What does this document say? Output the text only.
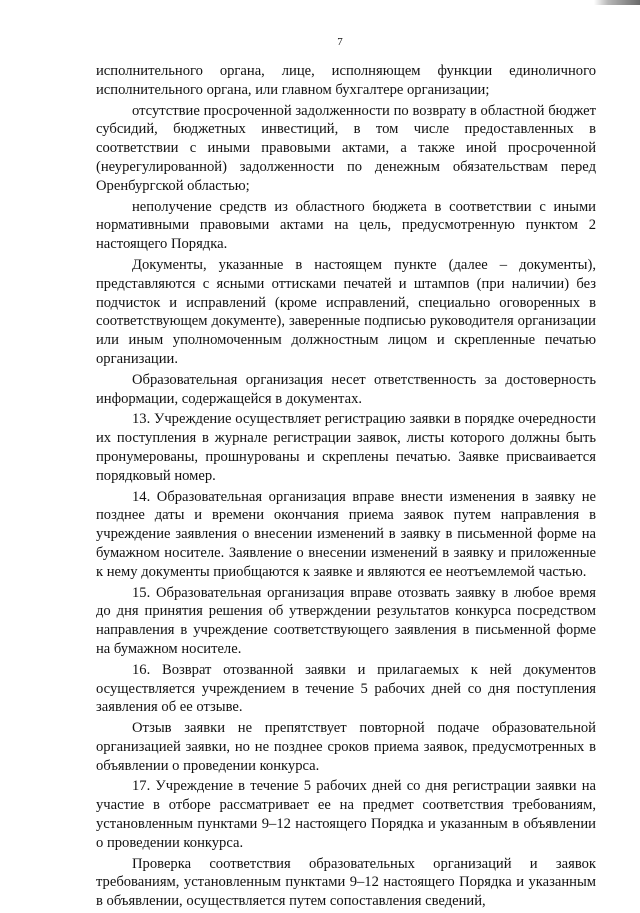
7

исполнительного органа, лице, исполняющем функции единоличного исполнительного органа, или главном бухгалтере организации;

отсутствие просроченной задолженности по возврату в областной бюджет субсидий, бюджетных инвестиций, в том числе предоставленных в соответствии с иными правовыми актами, а также иной просроченной (неурегулированной) задолженности по денежным обязательствам перед Оренбургской областью;

неполучение средств из областного бюджета в соответствии с иными нормативными правовыми актами на цель, предусмотренную пунктом 2 настоящего Порядка.

Документы, указанные в настоящем пункте (далее – документы), представляются с ясными оттисками печатей и штампов (при наличии) без подчисток и исправлений (кроме исправлений, специально оговоренных в соответствующем документе), заверенные подписью руководителя организации или иным уполномоченным должностным лицом и скрепленные печатью организации.

Образовательная организация несет ответственность за достоверность информации, содержащейся в документах.

13. Учреждение осуществляет регистрацию заявки в порядке очередности их поступления в журнале регистрации заявок, листы которого должны быть пронумерованы, прошнурованы и скреплены печатью. Заявке присваивается порядковый номер.

14. Образовательная организация вправе внести изменения в заявку не позднее даты и времени окончания приема заявок путем направления в учреждение заявления о внесении изменений в заявку в письменной форме на бумажном носителе. Заявление о внесении изменений в заявку и приложенные к нему документы приобщаются к заявке и являются ее неотъемлемой частью.

15. Образовательная организация вправе отозвать заявку в любое время до дня принятия решения об утверждении результатов конкурса посредством направления в учреждение соответствующего заявления в письменной форме на бумажном носителе.

16. Возврат отозванной заявки и прилагаемых к ней документов осуществляется учреждением в течение 5 рабочих дней со дня поступления заявления об ее отзыве.

Отзыв заявки не препятствует повторной подаче образовательной организацией заявки, но не позднее сроков приема заявок, предусмотренных в объявлении о проведении конкурса.

17. Учреждение в течение 5 рабочих дней со дня регистрации заявки на участие в отборе рассматривает ее на предмет соответствия требованиям, установленным пунктами 9–12 настоящего Порядка и указанным в объявлении о проведении конкурса.

Проверка соответствия образовательных организаций и заявок требованиям, установленным пунктами 9–12 настоящего Порядка и указанным в объявлении, осуществляется путем сопоставления сведений,
